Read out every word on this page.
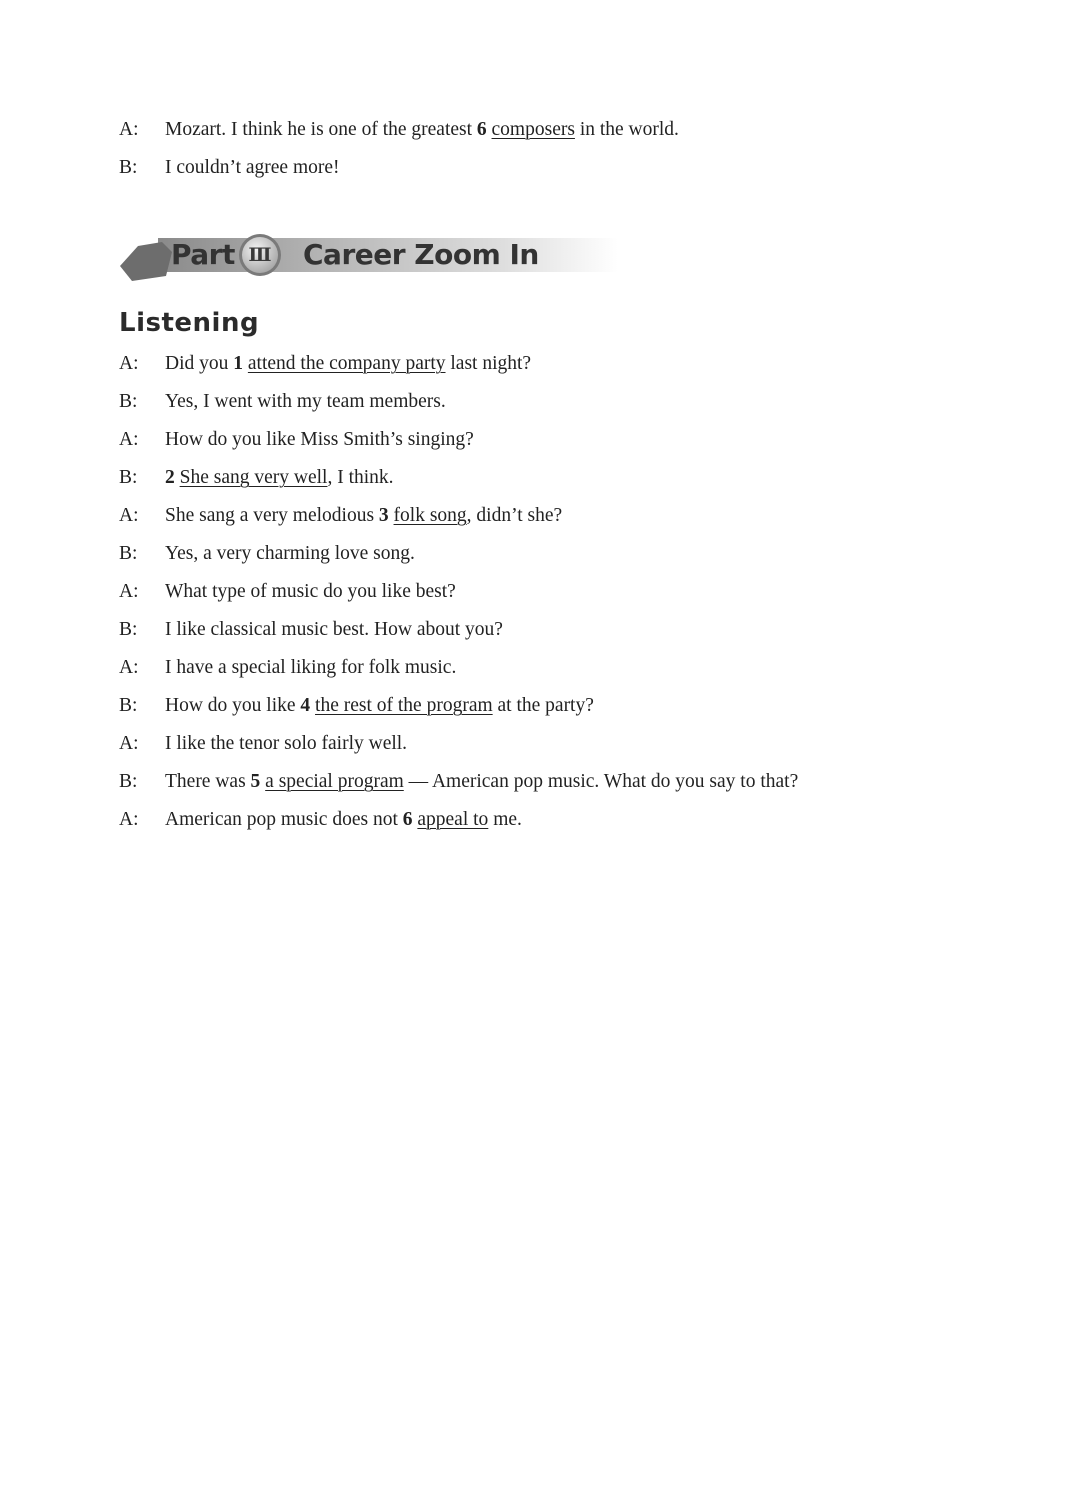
A:	Mozart. I think he is one of the greatest 6 composers in the world.
B:	I couldn’t agree more!
Part Ⅲ	Career Zoom In
Listening
A:	Did you 1 attend the company party last night?
B:	Yes, I went with my team members.
A:	How do you like Miss Smith’s singing?
B:	2 She sang very well, I think.
A:	She sang a very melodious 3 folk song, didn’t she?
B:	Yes, a very charming love song.
A:	What type of music do you like best?
B:	I like classical music best. How about you?
A:	I have a special liking for folk music.
B:	How do you like 4 the rest of the program at the party?
A:	I like the tenor solo fairly well.
B:	There was 5 a special program — American pop music. What do you say to that?
A:	American pop music does not 6 appeal to me.
